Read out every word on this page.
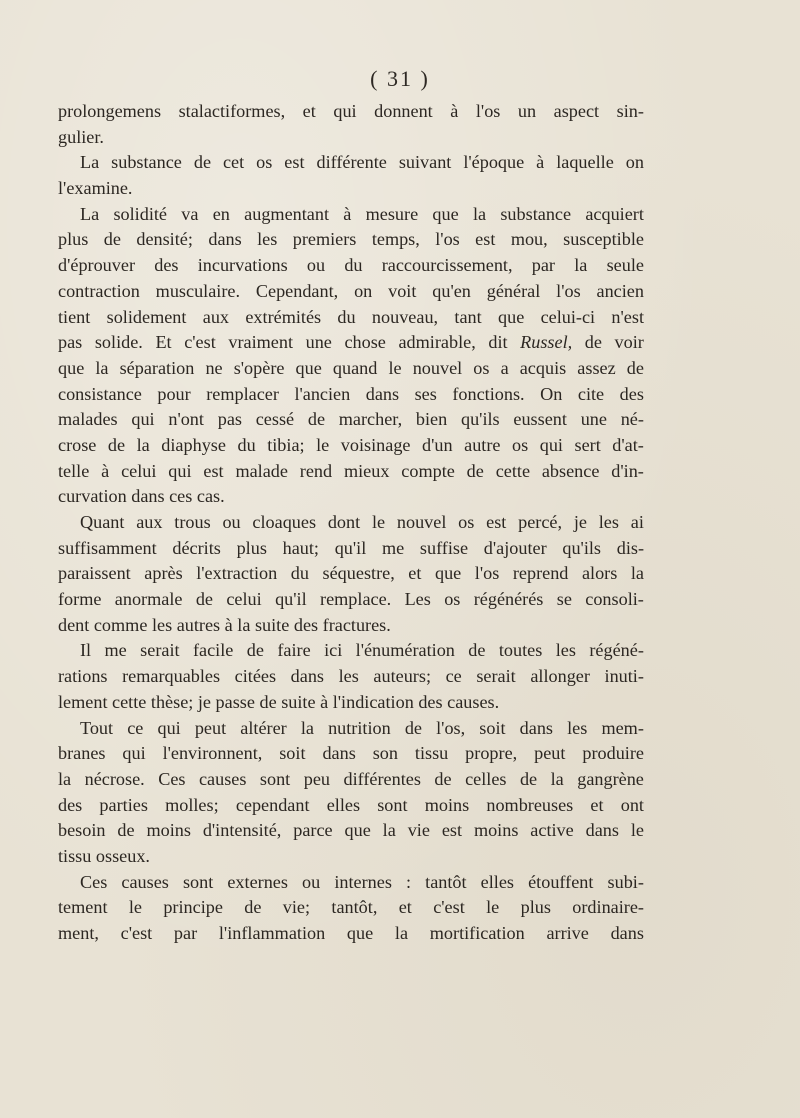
( 31 )
prolongemens stalactiformes, et qui donnent à l'os un aspect sin-
gulier.
La substance de cet os est différente suivant l'époque à laquelle on
l'examine.
La solidité va en augmentant à mesure que la substance acquiert
plus de densité; dans les premiers temps, l'os est mou, susceptible
d'éprouver des incurvations ou du raccourcissement, par la seule
contraction musculaire. Cependant, on voit qu'en général l'os ancien
tient solidement aux extrémités du nouveau, tant que celui-ci n'est
pas solide. Et c'est vraiment une chose admirable, dit Russel, de voir
que la séparation ne s'opère que quand le nouvel os a acquis assez de
consistance pour remplacer l'ancien dans ses fonctions. On cite des
malades qui n'ont pas cessé de marcher, bien qu'ils eussent une né-
crose de la diaphyse du tibia; le voisinage d'un autre os qui sert d'at-
telle à celui qui est malade rend mieux compte de cette absence d'in-
curvation dans ces cas.
Quant aux trous ou cloaques dont le nouvel os est percé, je les ai
suffisamment décrits plus haut; qu'il me suffise d'ajouter qu'ils dis-
paraissent après l'extraction du séquestre, et que l'os reprend alors la
forme anormale de celui qu'il remplace. Les os régénérés se consoli-
dent comme les autres à la suite des fractures.
Il me serait facile de faire ici l'énumération de toutes les régéné-
rations remarquables citées dans les auteurs; ce serait allonger inuti-
lement cette thèse; je passe de suite à l'indication des causes.
Tout ce qui peut altérer la nutrition de l'os, soit dans les mem-
branes qui l'environnent, soit dans son tissu propre, peut produire
la nécrose. Ces causes sont peu différentes de celles de la gangrène
des parties molles; cependant elles sont moins nombreuses et ont
besoin de moins d'intensité, parce que la vie est moins active dans le
tissu osseux.
Ces causes sont externes ou internes : tantôt elles étouffent subi-
tement le principe de vie; tantôt, et c'est le plus ordinaire-
ment, c'est par l'inflammation que la mortification arrive dans
